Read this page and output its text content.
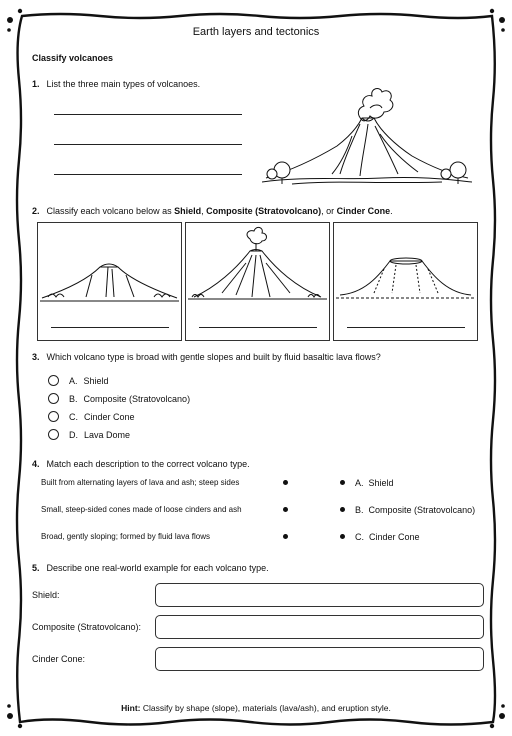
Earth layers and tectonics
Classify volcanoes
1. List the three main types of volcanoes.
2. Classify each volcano below as Shield, Composite (Stratovolcano), or Cinder Cone.
3. Which volcano type is broad with gentle slopes and built by fluid basaltic lava flows?
A. Shield
B. Composite (Stratovolcano)
C. Cinder Cone
D. Lava Dome
4. Match each description to the correct volcano type.
Built from alternating layers of lava and ash; steep sides
Small, steep-sided cones made of loose cinders and ash
Broad, gently sloping; formed by fluid lava flows
A. Shield
B. Composite (Stratovolcano)
C. Cinder Cone
5. Describe one real-world example for each volcano type.
Shield:
Composite (Stratovolcano):
Cinder Cone:
Hint: Classify by shape (slope), materials (lava/ash), and eruption style.
